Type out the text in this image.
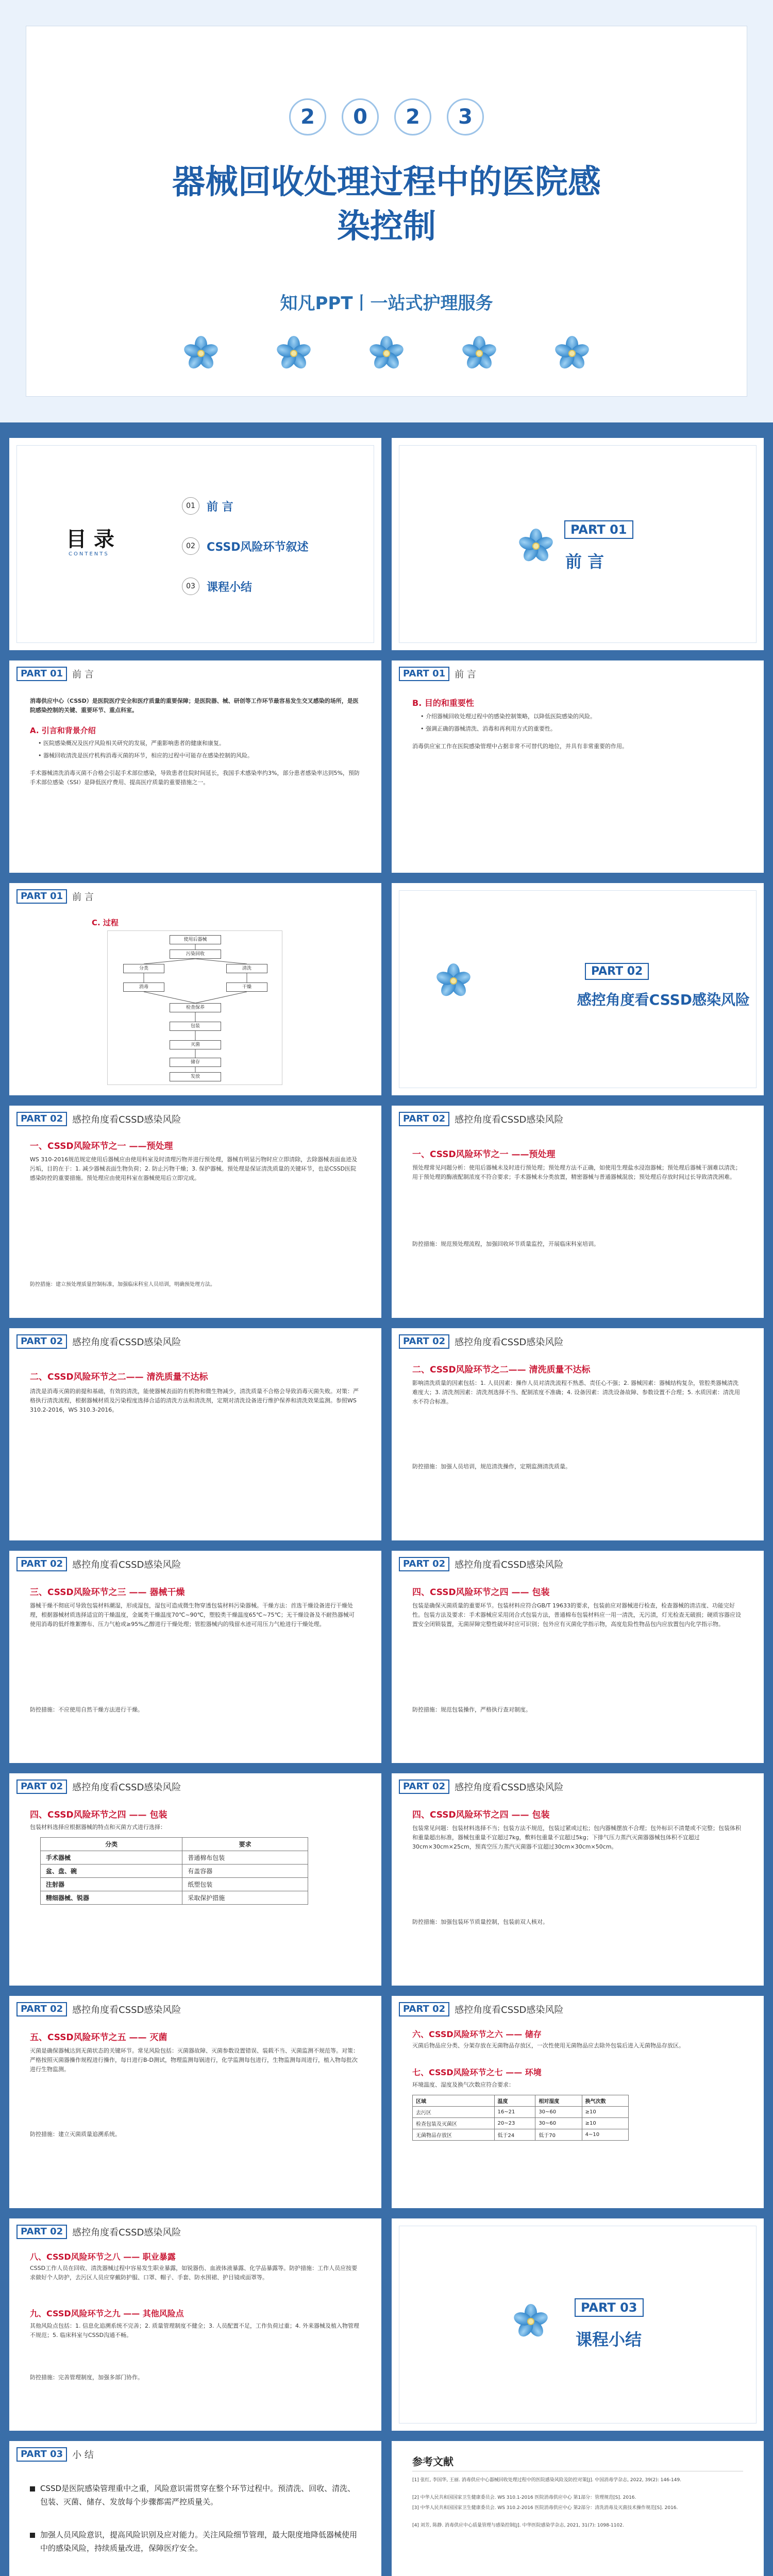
2	0	2	3
器械回收处理过程中的医院感染控制
知凡PPT丨一站式护理服务
目 录
CONTENTS
01	前 言
02	CSSD风险环节叙述
03	课程小结
PART 01
前 言
PART 01	前 言
消毒供应中心（CSSD）是医院医疗安全和医疗质量的重要保障；是医院器、械、研创等工作环节最容易发生交叉感染的场所，是医院感染控制的关键、重要环节、重点科室。
A. 引言和背景介绍
• 医院感染概况及医疗风险相关研究的发展，严重影响患者的健康和康复。
• 器械回收清洗是医疗机构消毒灭菌的环节，相应的过程中可能存在感染控制的风险。
手术器械清洗消毒灭菌不合格会引起手术部位感染，导致患者住院时间延长，我国手术感染率约3%，部分患者感染率达到5%，预防手术部位感染（SSI）是降低医疗费用、提高医疗质量的重要措施之一。
PART 01	前 言
B. 目的和重要性
• 介绍器械回收处理过程中的感染控制策略，以降低医院感染的风险。
• 强调正确的器械清洗、消毒和再利用方式的重要性。
消毒供应室工作在医院感染管理中占据非常不可替代的地位，并具有非常重要的作用。
PART 01	前 言
C. 过程
使用后器械
污染回收
分类	清洗
消毒	干燥
检查保养
包装
灭菌
储存
发放
PART 02
感控角度看CSSD感染风险
PART 02	感控角度看CSSD感染风险
一、CSSD风险环节之一 ——预处理
WS 310-2016规范规定使用后器械应由使用科室及时清理污物并进行预处理，器械有明显污物时应立即清除，去除器械表面血迹及污垢，目的在于：1. 减少器械表面生物负荷；2. 防止污物干燥；3. 保护器械。预处理是保证清洗质量的关键环节，也是CSSD医院感染防控的重要措施。预处理应由使用科室在器械使用后立即完成。
防控措施：建立预处理质量控制标准，加强临床科室人员培训，明确预处理方法。
PART 02	感控角度看CSSD感染风险
一、CSSD风险环节之一 ——预处理
预处理常见问题分析：使用后器械未及时进行预处理；预处理方法不正确，如使用生理盐水浸泡器械；预处理后器械干涸难以清洗；用于预处理的酶液配制浓度不符合要求；手术器械未分类放置，精密器械与普通器械混放；预处理后存放时间过长导致清洗困难。
防控措施：规范预处理流程，加强回收环节质量监控，开展临床科室培训。
PART 02	感控角度看CSSD感染风险
二、CSSD风险环节之二—— 清洗质量不达标
清洗是消毒灭菌的前提和基础，有效的清洗，能使器械表面的有机物和微生物减少，清洗质量不合格会导致消毒灭菌失败。对策：严格执行清洗流程，根据器械材质及污染程度选择合适的清洗方法和清洗剂，定期对清洗设备进行维护保养和清洗效果监测。参照WS 310.2-2016，WS 310.3-2016。
PART 02	感控角度看CSSD感染风险
二、CSSD风险环节之二—— 清洗质量不达标
影响清洗质量的因素包括：1. 人员因素：操作人员对清洗流程不熟悉、责任心不强；2. 器械因素：器械结构复杂，管腔类器械清洗难度大；3. 清洗剂因素：清洗剂选择不当、配制浓度不准确；4. 设备因素：清洗设备故障、参数设置不合理；5. 水质因素：清洗用水不符合标准。
防控措施：加强人员培训，规范清洗操作，定期监测清洗质量。
PART 02	感控角度看CSSD感染风险
三、CSSD风险环节之三 —— 器械干燥
器械干燥不彻底可导致包装材料潮湿，形成湿包，湿包可造成微生物穿透包装材料污染器械。干燥方法：首选干燥设备进行干燥处理，根据器械材质选择适宜的干燥温度，金属类干燥温度70℃~90℃，塑胶类干燥温度65℃~75℃；无干燥设备及不耐热器械可使用消毒的低纤维絮擦布、压力气枪或≥95%乙醇进行干燥处理；管腔器械内的残留水迹可用压力气枪进行干燥处理。
防控措施：不应使用自然干燥方法进行干燥。
PART 02	感控角度看CSSD感染风险
四、CSSD风险环节之四 —— 包装
包装是确保灭菌质量的重要环节。包装材料应符合GB/T 19633的要求，包装前应对器械进行检查，检查器械的清洁度、功能完好性。包装方法及要求：手术器械应采用闭合式包装方法，普通棉布包装材料应一用一清洗，无污渍，灯光检查无破损；硬质容器应设置安全闭锁装置，无菌屏障完整性破坏时应可识别；包外应有灭菌化学指示物，高度危险性物品包内应放置包内化学指示物。
防控措施：规范包装操作，严格执行查对制度。
PART 02	感控角度看CSSD感染风险
四、CSSD风险环节之四 —— 包装
包装材料选择应根据器械的特点和灭菌方式进行选择：
分类	要求
手术器械	普通棉布包装
盆、盘、碗	有盖容器
注射器	纸塑包装
精细器械、锐器	采取保护措施
PART 02	感控角度看CSSD感染风险
四、CSSD风险环节之四 —— 包装
包装常见问题：包装材料选择不当；包装方法不规范，包装过紧或过松；包内器械摆放不合理；包外标识不清楚或不完整；包装体积和重量超出标准，器械包重量不宜超过7kg，敷料包重量不宜超过5kg；下排气压力蒸汽灭菌器器械包体积不宜超过30cm×30cm×25cm，预真空压力蒸汽灭菌器不宜超过30cm×30cm×50cm。
防控措施：加强包装环节质量控制，包装前双人核对。
PART 02	感控角度看CSSD感染风险
五、CSSD风险环节之五 —— 灭菌
灭菌是确保器械达到无菌状态的关键环节。常见风险包括：灭菌器故障、灭菌参数设置错误、装载不当、灭菌监测不规范等。对策：严格按照灭菌器操作规程进行操作，每日进行B-D测试，物理监测每锅进行，化学监测每包进行，生物监测每周进行，植入物每批次进行生物监测。
防控措施：建立灭菌质量追溯系统。
PART 02	感控角度看CSSD感染风险
六、CSSD风险环节之六 —— 储存
灭菌后物品应分类、分架存放在无菌物品存放区，一次性使用无菌物品应去除外包装后进入无菌物品存放区。
七、CSSD风险环节之七 —— 环境
环境温度、湿度及换气次数应符合要求：
区域	温度	相对湿度	换气次数
去污区	16~21	30~60	≥10
检查包装及灭菌区	20~23	30~60	≥10
无菌物品存放区	低于24	低于70	4~10
PART 02	感控角度看CSSD感染风险
八、CSSD风险环节之八 —— 职业暴露
CSSD工作人员在回收、清洗器械过程中容易发生职业暴露，如锐器伤、血液体液暴露、化学品暴露等。防护措施：工作人员应按要求做好个人防护，去污区人员应穿戴防护服、口罩、帽子、手套、防水围裙、护目镜或面罩等。
九、CSSD风险环节之九 —— 其他风险点
其他风险点包括：1. 信息化追溯系统不完善；2. 质量管理制度不健全；3. 人员配置不足，工作负荷过重；4. 外来器械及植入物管理不规范；5. 临床科室与CSSD沟通不畅。
防控措施：完善管理制度，加强多部门协作。
PART 03
课程小结
PART 03	小 结
CSSD是医院感染管理重中之重，风险意识需贯穿在整个环节过程中。预清洗、回收、清洗、包装、灭菌、储存、发放每个步骤都需严控质量关。
加强人员风险意识，提高风险识别及应对能力。关注风险细节管理，最大限度地降低器械使用中的感染风险，持续质量改进，保障医疗安全。
参考文献
[1] 张红, 李国华, 王丽. 消毒供应中心器械回收处理过程中的医院感染风险及防控对策[J]. 中国消毒学杂志, 2022, 39(2): 146-149.
[2] 中华人民共和国国家卫生健康委员会. WS 310.1-2016 医院消毒供应中心 第1部分：管理规范[S]. 2016.
[3] 中华人民共和国国家卫生健康委员会. WS 310.2-2016 医院消毒供应中心 第2部分：清洗消毒及灭菌技术操作规范[S]. 2016.
[4] 刘芳, 陈静. 消毒供应中心质量管理与感染控制[J]. 中华医院感染学杂志, 2021, 31(7): 1098-1102.
